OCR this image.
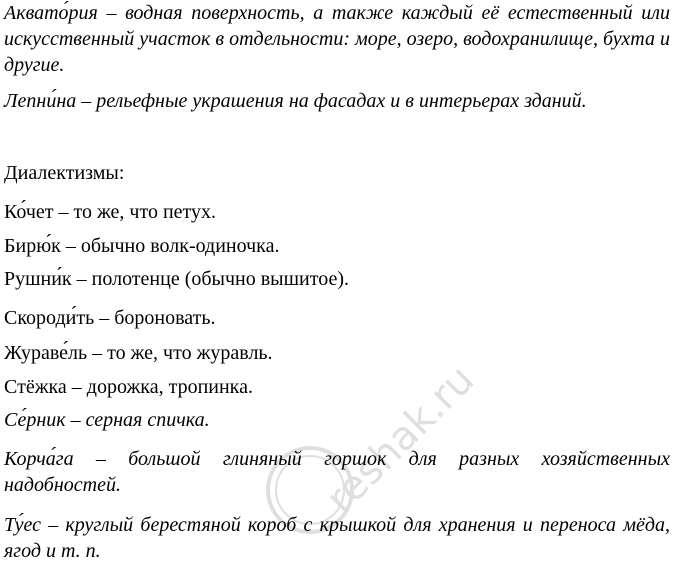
Аквато́рия – водная поверхность, а также каждый её естественный или искусственный участок в отдельности: море, озеро, водохранилище, бухта и другие.

Лепни́на – рельефные украшения на фасадах и в интерьерах зданий.

Диалектизмы:

Ко́чет – то же, что петух.

Бирю́к – обычно волк-одиночка.

Рушни́к – полотенце (обычно вышитое).

Скороди́ть – бороновать.

Жураве́ль – то же, что журавль.

Стёжка – дорожка, тропинка.

Се́рник – серная спичка.

Корча́га – большой глиняный горшок для разных хозяйственных надобностей.

Ту́ес – круглый берестяной короб с крышкой для хранения и переноса мёда, ягод и т. п.

reshak.ru
